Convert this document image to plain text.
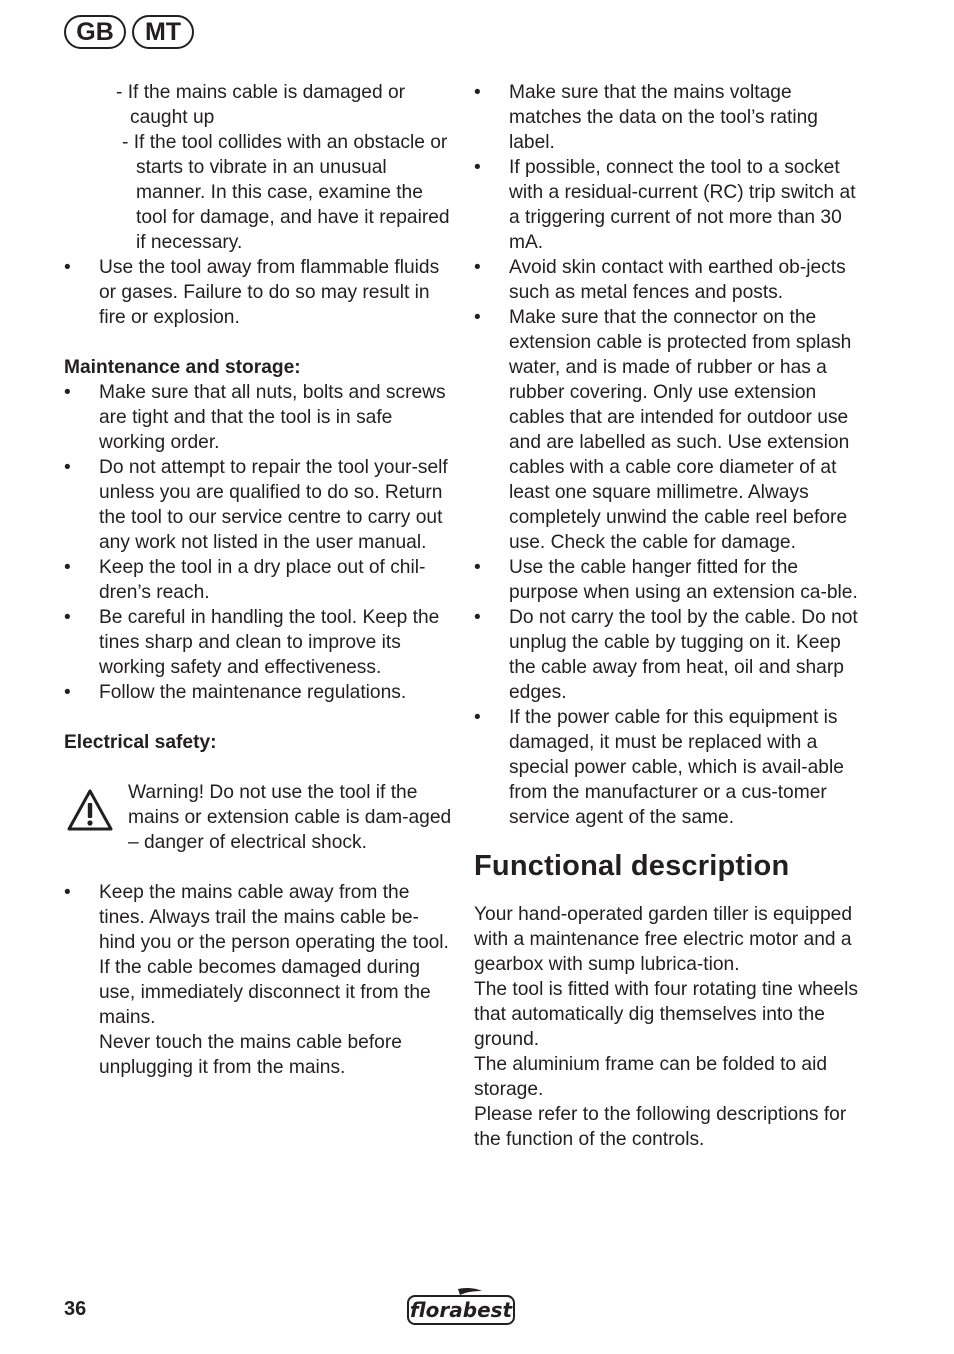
GB	MT
- If the mains cable is damaged or caught up
- If the tool collides with an obstacle or starts to vibrate in an unusual manner. In this case, examine the tool for damage, and have it repaired if necessary.
•	Use the tool away from flammable fluids or gases. Failure to do so may result in fire or explosion.
Maintenance and storage:
•	Make sure that all nuts, bolts and screws are tight and that the tool is in safe working order.
•	Do not attempt to repair the tool your-self unless you are qualified to do so. Return the tool to our service centre to carry out any work not listed in the user manual.
•	Keep the tool in a dry place out of chil-dren’s reach.
•	Be careful in handling the tool. Keep the tines sharp and clean to improve its working safety and effectiveness.
•	Follow the maintenance regulations.
Electrical safety:
Warning! Do not use the tool if the mains or extension cable is dam-aged – danger of electrical shock.
•	Keep the mains cable away from the tines. Always trail the mains cable be-hind you or the person operating the tool. If the cable becomes damaged during use, immediately disconnect it from the mains.
Never touch the mains cable before unplugging it from the mains.
•	Make sure that the mains voltage matches the data on the tool’s rating label.
•	If possible, connect the tool to a socket with a residual-current (RC) trip switch at a triggering current of not more than 30 mA.
•	Avoid skin contact with earthed ob-jects such as metal fences and posts.
•	Make sure that the connector on the extension cable is protected from splash water, and is made of rubber or has a rubber covering. Only use extension cables that are intended for outdoor use and are labelled as such. Use extension cables with a cable core diameter of at least one square millimetre. Always completely unwind the cable reel before use. Check the cable for damage.
•	Use the cable hanger fitted for the purpose when using an extension ca-ble.
•	Do not carry the tool by the cable. Do not unplug the cable by tugging on it. Keep the cable away from heat, oil and sharp edges.
•	If the power cable for this equipment is damaged, it must be replaced with a special power cable, which is avail-able from the manufacturer or a cus-tomer service agent of the same.
Functional description
Your hand-operated garden tiller is equipped with a maintenance free electric motor and a gearbox with sump lubrica-tion.
The tool is fitted with four rotating tine wheels that automatically dig themselves into the ground.
The aluminium frame can be folded to aid storage.
Please refer to the following descriptions for the function of the controls.
36	florabest
